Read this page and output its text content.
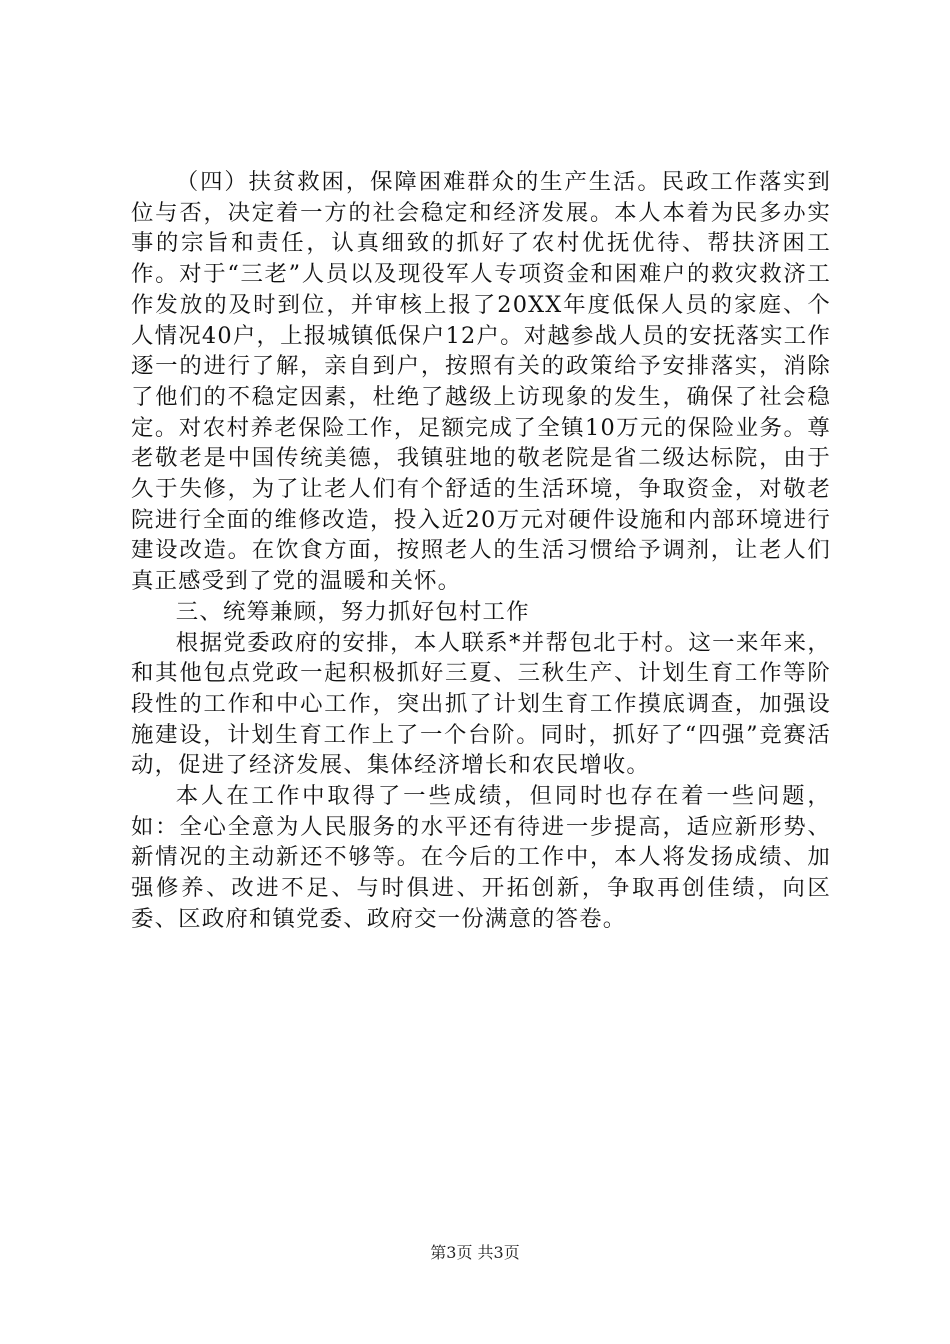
（四）扶贫救困，保障困难群众的生产生活。民政工作落实到位与否，决定着一方的社会稳定和经济发展。本人本着为民多办实事的宗旨和责任，认真细致的抓好了农村优抚优待、帮扶济困工作。对于“三老”人员以及现役军人专项资金和困难户的救灾救济工作发放的及时到位，并审核上报了20XX年度低保人员的家庭、个人情况40户，上报城镇低保户12户。对越参战人员的安抚落实工作逐一的进行了解，亲自到户，按照有关的政策给予安排落实，消除了他们的不稳定因素，杜绝了越级上访现象的发生，确保了社会稳定。对农村养老保险工作，足额完成了全镇10万元的保险业务。尊老敬老是中国传统美德，我镇驻地的敬老院是省二级达标院，由于久于失修，为了让老人们有个舒适的生活环境，争取资金，对敬老院进行全面的维修改造，投入近20万元对硬件设施和内部环境进行建设改造。在饮食方面，按照老人的生活习惯给予调剂，让老人们真正感受到了党的温暖和关怀。

三、统筹兼顾，努力抓好包村工作

根据党委政府的安排，本人联系*并帮包北于村。这一来年来，和其他包点党政一起积极抓好三夏、三秋生产、计划生育工作等阶段性的工作和中心工作，突出抓了计划生育工作摸底调查，加强设施建设，计划生育工作上了一个台阶。同时，抓好了“四强”竞赛活动，促进了经济发展、集体经济增长和农民增收。

本人在工作中取得了一些成绩，但同时也存在着一些问题，如：全心全意为人民服务的水平还有待进一步提高，适应新形势、新情况的主动新还不够等。在今后的工作中，本人将发扬成绩、加强修养、改进不足、与时俱进、开拓创新，争取再创佳绩，向区委、区政府和镇党委、政府交一份满意的答卷。

第3页 共3页
